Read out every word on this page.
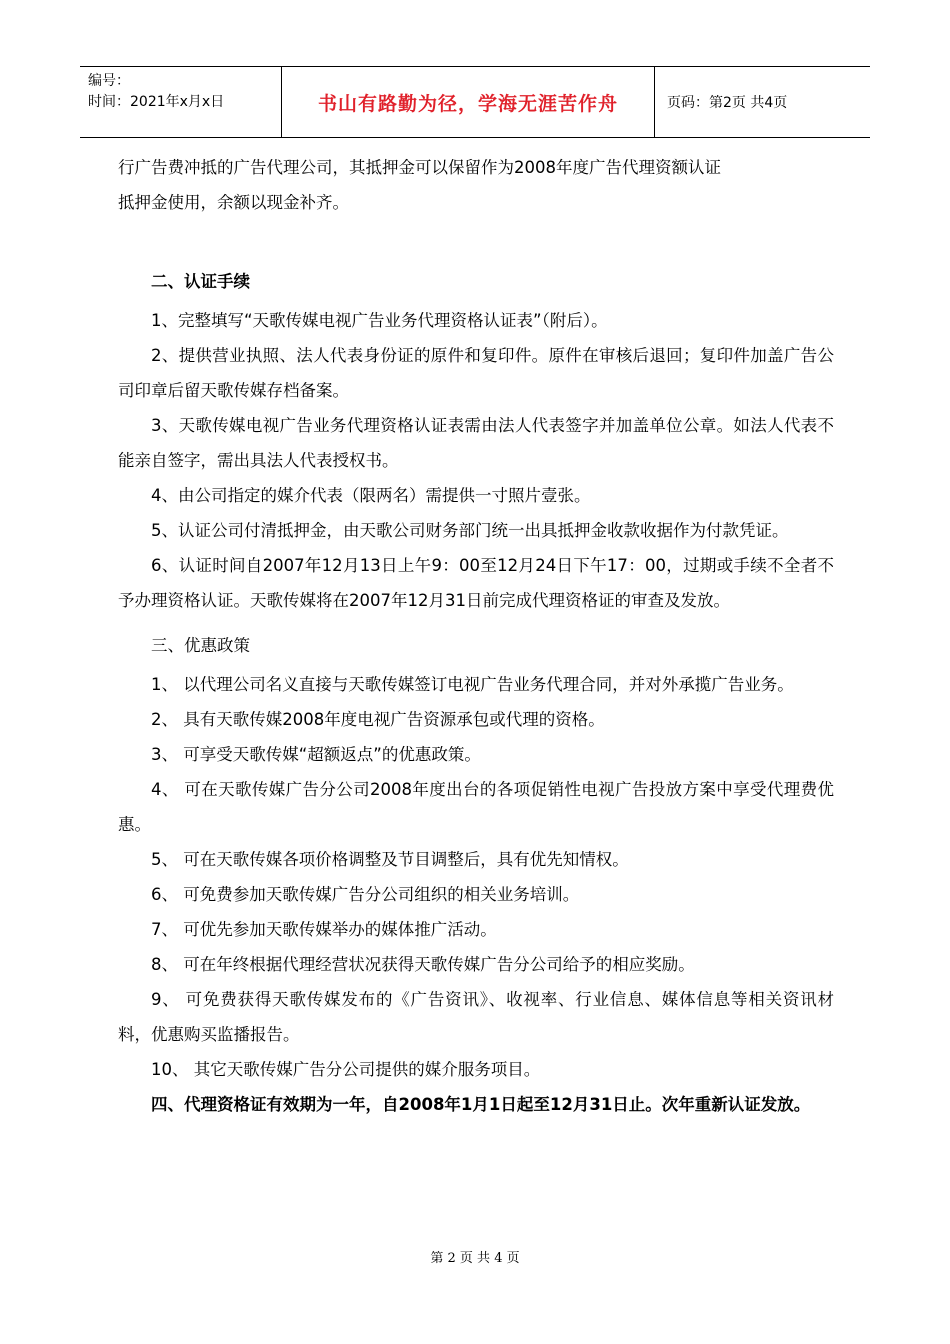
编号：
时间：2021年x月x日	书山有路勤为径，学海无涯苦作舟	页码：第2页 共4页

行广告费冲抵的广告代理公司，其抵押金可以保留作为2008年度广告代理资额认证

抵押金使用，余额以现金补齐。

二、认证手续

1、完整填写“天歌传媒电视广告业务代理资格认证表”（附后）。

2、提供营业执照、法人代表身份证的原件和复印件。原件在审核后退回；复印件加盖广告公司印章后留天歌传媒存档备案。

3、天歌传媒电视广告业务代理资格认证表需由法人代表签字并加盖单位公章。如法人代表不能亲自签字，需出具法人代表授权书。

4、由公司指定的媒介代表（限两名）需提供一寸照片壹张。

5、认证公司付清抵押金，由天歌公司财务部门统一出具抵押金收款收据作为付款凭证。

6、认证时间自2007年12月13日上午9：00至12月24日下午17：00，过期或手续不全者不予办理资格认证。天歌传媒将在2007年12月31日前完成代理资格证的审查及发放。

三、优惠政策

1、 以代理公司名义直接与天歌传媒签订电视广告业务代理合同，并对外承揽广告业务。

2、 具有天歌传媒2008年度电视广告资源承包或代理的资格。

3、 可享受天歌传媒“超额返点”的优惠政策。

4、 可在天歌传媒广告分公司2008年度出台的各项促销性电视广告投放方案中享受代理费优惠。

5、 可在天歌传媒各项价格调整及节目调整后，具有优先知情权。

6、 可免费参加天歌传媒广告分公司组织的相关业务培训。

7、 可优先参加天歌传媒举办的媒体推广活动。

8、 可在年终根据代理经营状况获得天歌传媒广告分公司给予的相应奖励。

9、 可免费获得天歌传媒发布的《广告资讯》、收视率、行业信息、媒体信息等相关资讯材料，优惠购买监播报告。

10、 其它天歌传媒广告分公司提供的媒介服务项目。

四、代理资格证有效期为一年，自2008年1月1日起至12月31日止。次年重新认证发放。

第 2 页 共 4 页
